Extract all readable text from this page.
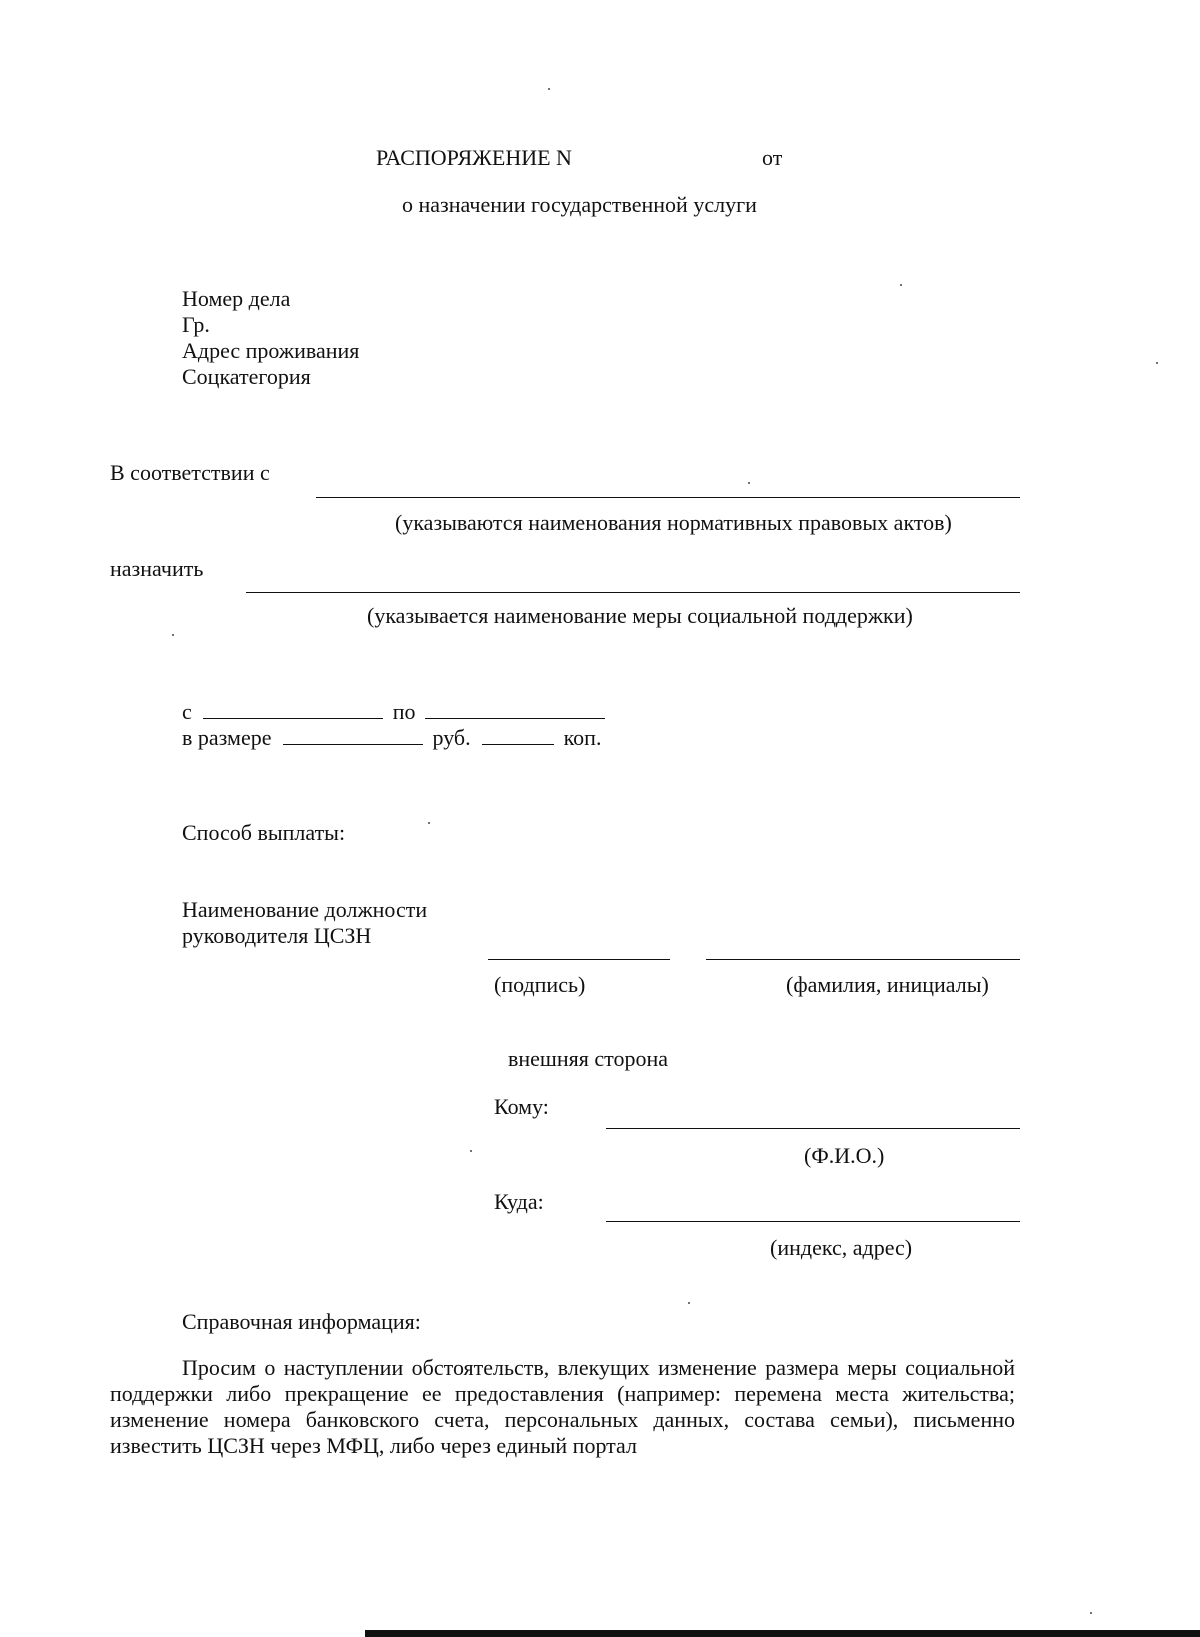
РАСПОРЯЖЕНИЕ N	от
о назначении государственной услуги
Номер дела
Гр.
Адрес проживания
Соцкатегория
В соответствии с
(указываются наименования нормативных правовых актов)
назначить
(указывается наименование меры социальной поддержки)
с	по
в размере	руб.	коп.
Способ выплаты:
Наименование должности
руководителя ЦСЗН
(подпись)	(фамилия, инициалы)
внешняя сторона
Кому:
(Ф.И.О.)
Куда:
(индекс, адрес)
Справочная информация:
Просим о наступлении обстоятельств, влекущих изменение размера меры социальной поддержки либо прекращение ее предоставления (например: перемена места жительства; изменение номера банковского счета, персональных данных, состава семьи), письменно известить ЦСЗН через МФЦ, либо через единый портал
